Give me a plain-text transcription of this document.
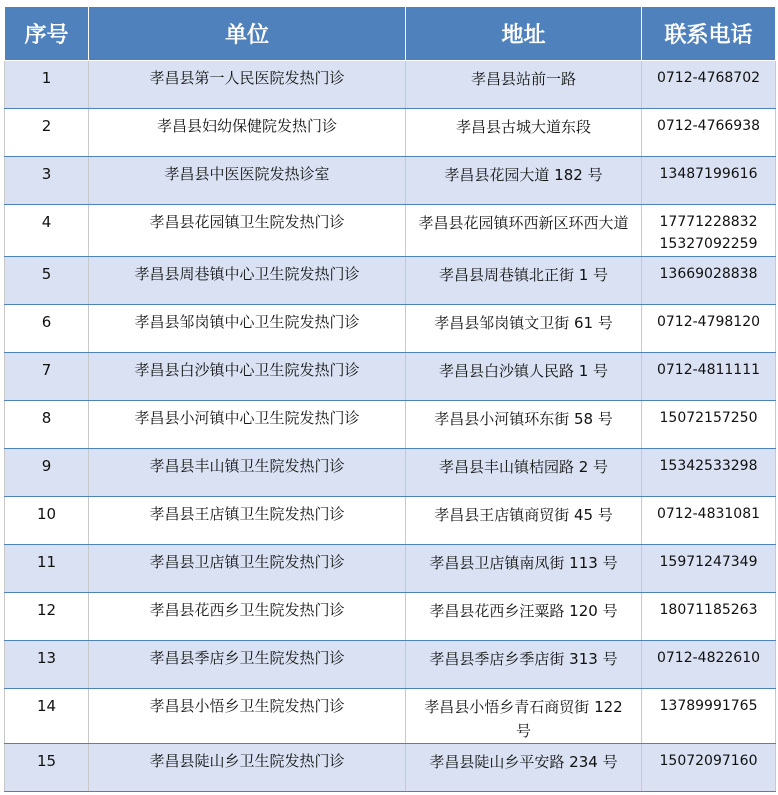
序号	单位	地址	联系电话
1	孝昌县第一人民医院发热门诊	孝昌县站前一路	0712-4768702
2	孝昌县妇幼保健院发热门诊	孝昌县古城大道东段	0712-4766938
3	孝昌县中医医院发热诊室	孝昌县花园大道 182 号	13487199616
4	孝昌县花园镇卫生院发热门诊	孝昌县花园镇环西新区环西大道	17771228832
15327092259
5	孝昌县周巷镇中心卫生院发热门诊	孝昌县周巷镇北正街 1 号	13669028838
6	孝昌县邹岗镇中心卫生院发热门诊	孝昌县邹岗镇文卫街 61 号	0712-4798120
7	孝昌县白沙镇中心卫生院发热门诊	孝昌县白沙镇人民路 1 号	0712-4811111
8	孝昌县小河镇中心卫生院发热门诊	孝昌县小河镇环东街 58 号	15072157250
9	孝昌县丰山镇卫生院发热门诊	孝昌县丰山镇桔园路 2 号	15342533298
10	孝昌县王店镇卫生院发热门诊	孝昌县王店镇商贸街 45 号	0712-4831081
11	孝昌县卫店镇卫生院发热门诊	孝昌县卫店镇南凤街 113 号	15971247349
12	孝昌县花西乡卫生院发热门诊	孝昌县花西乡汪粟路 120 号	18071185263
13	孝昌县季店乡卫生院发热门诊	孝昌县季店乡季店街 313 号	0712-4822610
14	孝昌县小悟乡卫生院发热门诊	孝昌县小悟乡青石商贸街 122 号	13789991765
15	孝昌县陡山乡卫生院发热门诊	孝昌县陡山乡平安路 234 号	15072097160
